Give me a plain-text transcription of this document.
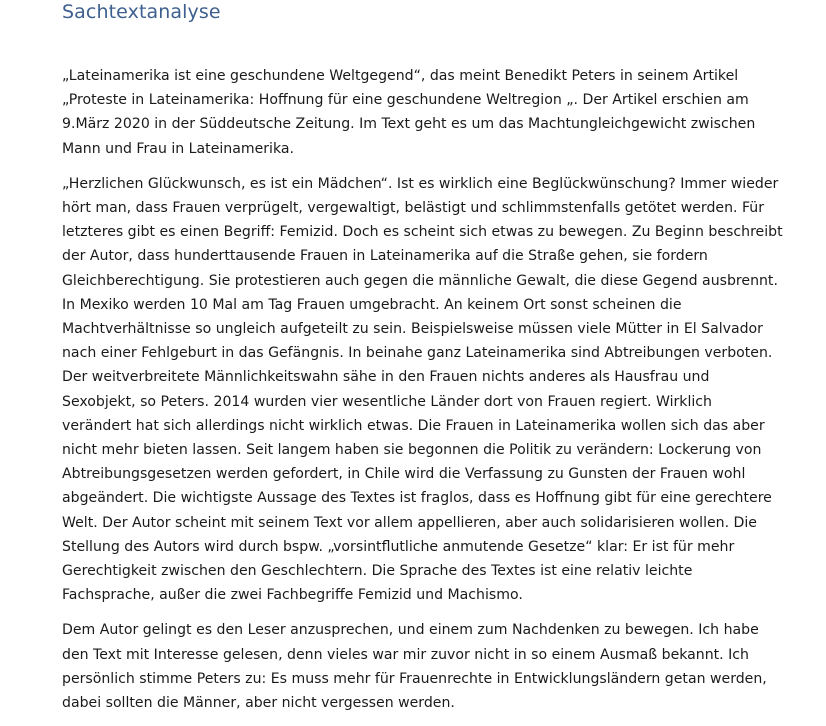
Sachtextanalyse

„Lateinamerika ist eine geschundene Weltgegend“, das meint Benedikt Peters in seinem Artikel
„Proteste in Lateinamerika: Hoffnung für eine geschundene Weltregion „. Der Artikel erschien am
9.März 2020 in der Süddeutsche Zeitung. Im Text geht es um das Machtungleichgewicht zwischen
Mann und Frau in Lateinamerika.

„Herzlichen Glückwunsch, es ist ein Mädchen“. Ist es wirklich eine Beglückwünschung? Immer wieder
hört man, dass Frauen verprügelt, vergewaltigt, belästigt und schlimmstenfalls getötet werden. Für
letzteres gibt es einen Begriff: Femizid. Doch es scheint sich etwas zu bewegen. Zu Beginn beschreibt
der Autor, dass hunderttausende Frauen in Lateinamerika auf die Straße gehen, sie fordern
Gleichberechtigung. Sie protestieren auch gegen die männliche Gewalt, die diese Gegend ausbrennt.
In Mexiko werden 10 Mal am Tag Frauen umgebracht. An keinem Ort sonst scheinen die
Machtverhältnisse so ungleich aufgeteilt zu sein. Beispielsweise müssen viele Mütter in El Salvador
nach einer Fehlgeburt in das Gefängnis. In beinahe ganz Lateinamerika sind Abtreibungen verboten.
Der weitverbreitete Männlichkeitswahn sähe in den Frauen nichts anderes als Hausfrau und
Sexobjekt, so Peters. 2014 wurden vier wesentliche Länder dort von Frauen regiert. Wirklich
verändert hat sich allerdings nicht wirklich etwas. Die Frauen in Lateinamerika wollen sich das aber
nicht mehr bieten lassen. Seit langem haben sie begonnen die Politik zu verändern: Lockerung von
Abtreibungsgesetzen werden gefordert, in Chile wird die Verfassung zu Gunsten der Frauen wohl
abgeändert. Die wichtigste Aussage des Textes ist fraglos, dass es Hoffnung gibt für eine gerechtere
Welt. Der Autor scheint mit seinem Text vor allem appellieren, aber auch solidarisieren wollen. Die
Stellung des Autors wird durch bspw. „vorsintflutliche anmutende Gesetze“ klar: Er ist für mehr
Gerechtigkeit zwischen den Geschlechtern. Die Sprache des Textes ist eine relativ leichte
Fachsprache, außer die zwei Fachbegriffe Femizid und Machismo.

Dem Autor gelingt es den Leser anzusprechen, und einem zum Nachdenken zu bewegen. Ich habe
den Text mit Interesse gelesen, denn vieles war mir zuvor nicht in so einem Ausmaß bekannt. Ich
persönlich stimme Peters zu: Es muss mehr für Frauenrechte in Entwicklungsländern getan werden,
dabei sollten die Männer, aber nicht vergessen werden.
